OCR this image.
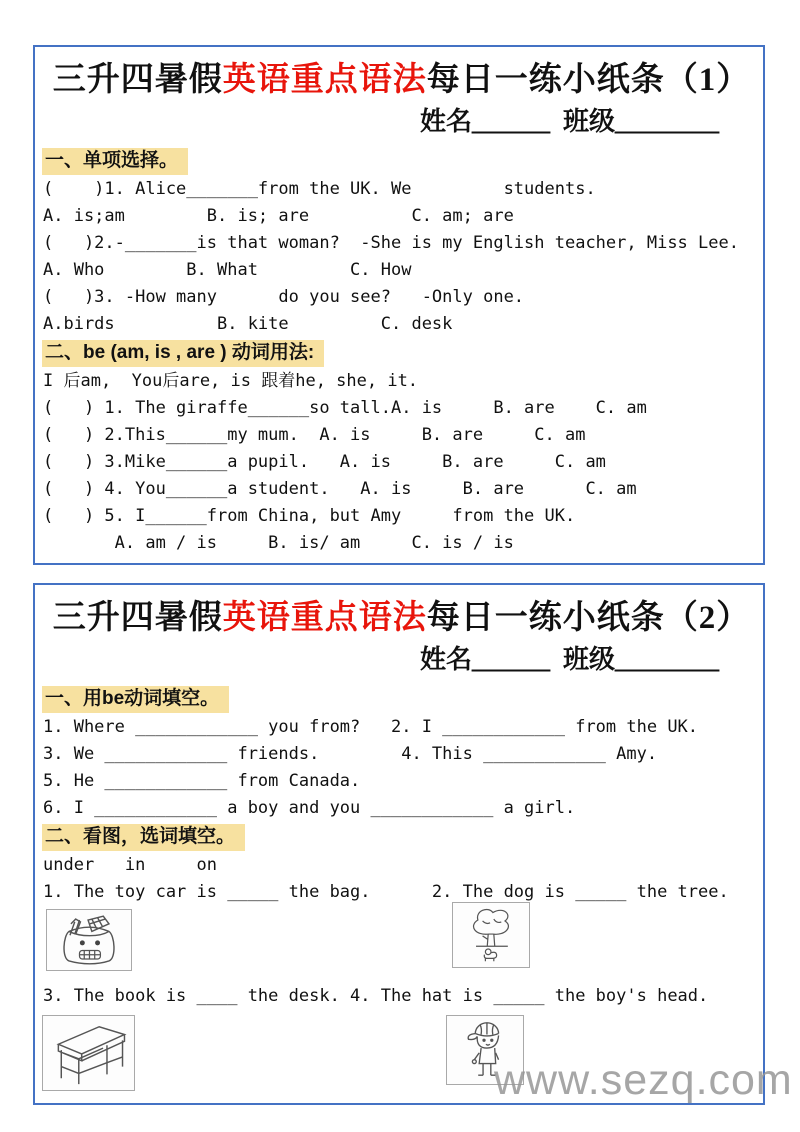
三升四暑假英语重点语法每日一练小纸条（1）
姓名＿＿＿  班级＿＿＿＿
一、单项选择。
(    )1. Alice_______from the UK. We         students.
A. is;am        B. is; are          C. am; are
(   )2.-_______is that woman?  -She is my English teacher, Miss Lee.
A. Who        B. What         C. How
(   )3. -How many      do you see?   -Only one.
A.birds          B. kite         C. desk
二、be (am, is , are ) 动词用法:
I 后am,  You后are, is 跟着he, she, it.
(   ) 1. The giraffe______so tall.A. is     B. are    C. am
(   ) 2.This______my mum.  A. is     B. are     C. am
(   ) 3.Mike______a pupil.   A. is     B. are     C. am
(   ) 4. You______a student.   A. is     B. are      C. am
(   ) 5. I______from China, but Amy     from the UK.
A. am / is     B. is/ am     C. is / is
三升四暑假英语重点语法每日一练小纸条（2）
姓名＿＿＿  班级＿＿＿＿
一、用be动词填空。
1. Where ____________ you from?   2. I ____________ from the UK.
3. We ____________ friends.        4. This ____________ Amy.
5. He ____________ from Canada.
6. I ____________ a boy and you ____________ a girl.
二、看图，选词填空。
under   in     on
1. The toy car is _____ the bag.      2. The dog is _____ the tree.
3. The book is ____ the desk. 4. The hat is _____ the boy's head.
www.sezq.com
